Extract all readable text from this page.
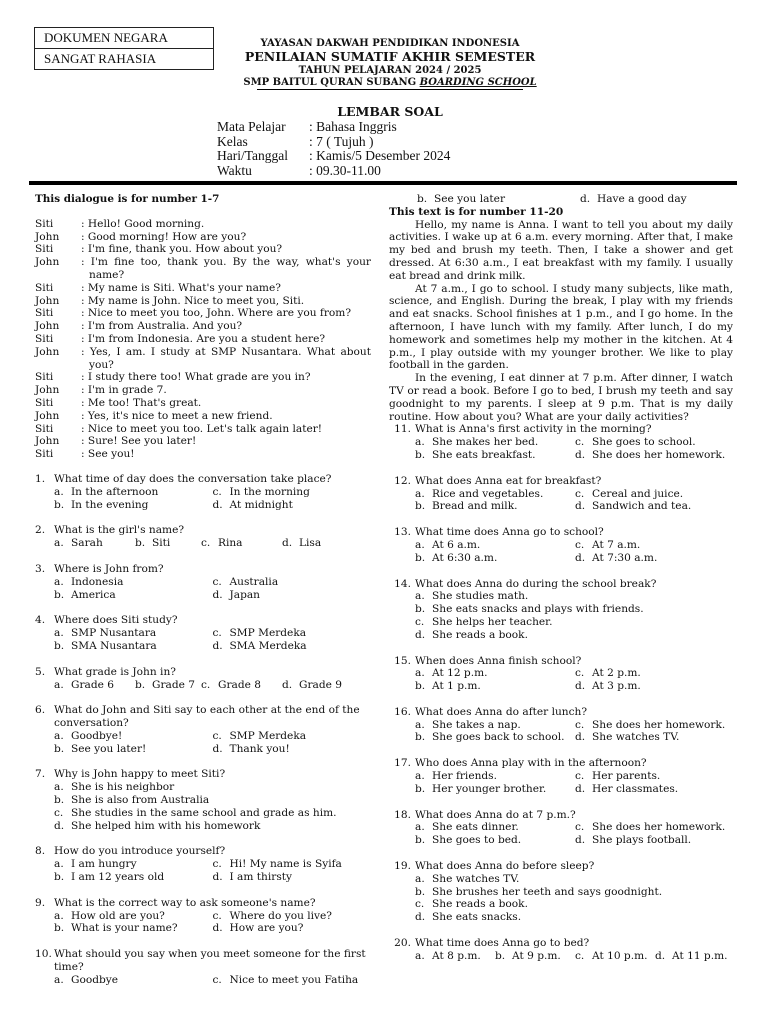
DOKUMEN NEGARA
SANGAT RAHASIA
YAYASAN DAKWAH PENDIDIKAN INDONESIA
PENILAIAN SUMATIF AKHIR SEMESTER
TAHUN PELAJARAN 2024 / 2025
SMP BAITUL QURAN SUBANG BOARDING SCHOOL
LEMBAR SOAL
Mata Pelajar : Bahasa Inggris
Kelas	: 7 ( Tujuh )
Hari/Tanggal : Kamis/5 Desember 2024
Waktu	: 09.30-11.00
This dialogue is for number 1-7
Siti	: Hello! Good morning.
John	: Good morning! How are you?
Siti	: I'm fine, thank you. How about you?
John	: I'm fine too, thank you. By the way, what's your name?
Siti	: My name is Siti. What's your name?
John	: My name is John. Nice to meet you, Siti.
Siti	: Nice to meet you too, John. Where are you from?
John	: I'm from Australia. And you?
Siti	: I'm from Indonesia. Are you a student here?
John	: Yes, I am. I study at SMP Nusantara. What about you?
Siti	: I study there too! What grade are you in?
John	: I'm in grade 7.
Siti	: Me too! That's great.
John	: Yes, it's nice to meet a new friend.
Siti	: Nice to meet you too. Let's talk again later!
John	: Sure! See you later!
Siti	: See you!
1. What time of day does the conversation take place?
a. In the afternoon	c. In the morning
b. In the evening	d. At midnight
2. What is the girl's name?
a. Sarah	b. Siti	c. Rina	d. Lisa
3. Where is John from?
a. Indonesia	c. Australia
b. America	d. Japan
4. Where does Siti study?
a. SMP Nusantara	c. SMP Merdeka
b. SMA Nusantara	d. SMA Merdeka
5. What grade is John in?
a. Grade 6 b. Grade 7 c. Grade 8 d. Grade 9
6. What do John and Siti say to each other at the end of the conversation?
a. Goodbye!	c. SMP Merdeka
b. See you later!	d. Thank you!
7. Why is John happy to meet Siti?
a. She is his neighbor
b. She is also from Australia
c. She studies in the same school and grade as him.
d. She helped him with his homework
8. How do you introduce yourself?
a. I am hungry	c. Hi! My name is Syifa
b. I am 12 years old	d. I am thirsty
9. What is the correct way to ask someone's name?
a. How old are you?	c. Where do you live?
b. What is your name?	d. How are you?
10. What should you say when you meet someone for the first time?
a. Goodbye	c. Nice to meet you Fatiha
b. See you later	d. Have a good day
This text is for number 11-20
Hello, my name is Anna. I want to tell you about my daily activities. I wake up at 6 a.m. every morning. After that, I make my bed and brush my teeth. Then, I take a shower and get dressed. At 6:30 a.m., I eat breakfast with my family. I usually eat bread and drink milk.
At 7 a.m., I go to school. I study many subjects, like math, science, and English. During the break, I play with my friends and eat snacks. School finishes at 1 p.m., and I go home. In the afternoon, I have lunch with my family. After lunch, I do my homework and sometimes help my mother in the kitchen. At 4 p.m., I play outside with my younger brother. We like to play football in the garden.
In the evening, I eat dinner at 7 p.m. After dinner, I watch TV or read a book. Before I go to bed, I brush my teeth and say goodnight to my parents. I sleep at 9 p.m. That is my daily routine. How about you? What are your daily activities?
11. What is Anna's first activity in the morning?
a. She makes her bed.	c. She goes to school.
b. She eats breakfast.	d. She does her homework.
12. What does Anna eat for breakfast?
a. Rice and vegetables.	c. Cereal and juice.
b. Bread and milk.	d. Sandwich and tea.
13. What time does Anna go to school?
a. At 6 a.m.	c. At 7 a.m.
b. At 6:30 a.m.	d. At 7:30 a.m.
14. What does Anna do during the school break?
a. She studies math.
b. She eats snacks and plays with friends.
c. She helps her teacher.
d. She reads a book.
15. When does Anna finish school?
a. At 12 p.m.	c. At 2 p.m.
b. At 1 p.m.	d. At 3 p.m.
16. What does Anna do after lunch?
a. She takes a nap.	c. She does her homework.
b. She goes back to school. d. She watches TV.
17. Who does Anna play with in the afternoon?
a. Her friends.	c. Her parents.
b. Her younger brother.	d. Her classmates.
18. What does Anna do at 7 p.m.?
a. She eats dinner.	c. She does her homework.
b. She goes to bed.	d. She plays football.
19. What does Anna do before sleep?
a. She watches TV.
b. She brushes her teeth and says goodnight.
c. She reads a book.
d. She eats snacks.
20. What time does Anna go to bed?
a. At 8 p.m. b. At 9 p.m. c. At 10 p.m. d. At 11 p.m.
